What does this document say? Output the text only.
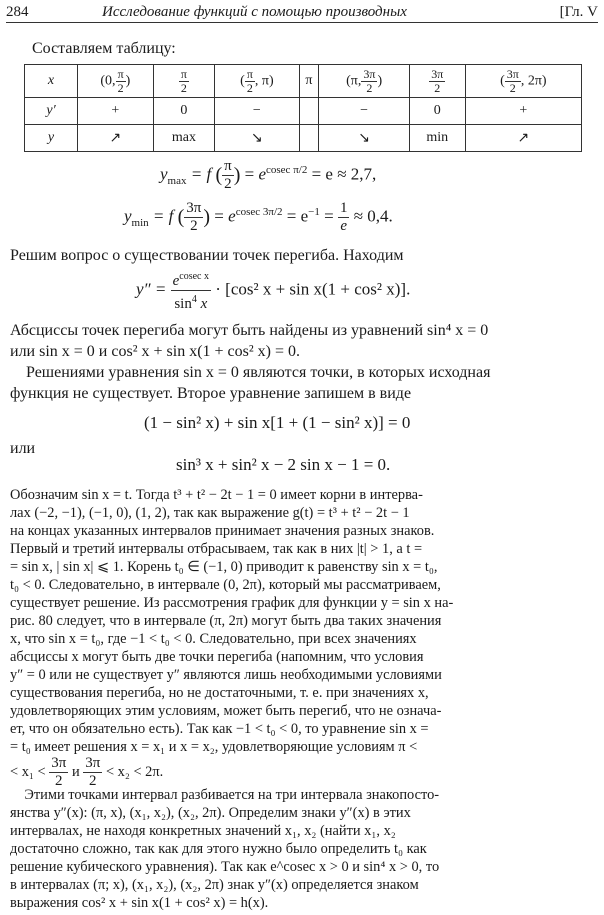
284	Исследование функций с помощью производных	[Гл. V
Составляем таблицу:
x	(0, $\frac{\pi}{2}$ )	$\frac{\pi}{2}$	( $\frac{\pi}{2}$ , π)	π	(π, $\frac{3\pi}{2}$ )	$\frac{3\pi}{2}$	( $\frac{3\pi}{2}$ , 2π)
y′	+	0	−		−	0	+
y	↗	max	↘		↘	min	↗
$y_{max} = f$ ( $\frac{\pi}{2}$ ) = $e^{cosec \pi/2} = e \approx 2,7$,
$y_{min} = f$ ( $\frac{3\pi}{2}$ ) = $e^{cosec 3\pi/2} = e^{-1} = \frac{1}{e} \approx 0,4$.
Решим вопрос о существовании точек перегиба. Находим
$y'' = \frac{e^{cosec x}}{\sin^4 x} \cdot [\cos^2$ x + sin x(1 + cos² x)].
Абсциссы точек перегиба могут быть найдены из уравнений sin⁴ x = 0
или sin x = 0 и cos² x + sin x(1 + cos² x) = 0.
Решениями уравнения sin x = 0 являются точки, в которых исходная
функция не существует. Второе уравнение запишем в виде
(1 − sin² x) + sin x[1 + (1 − sin² x)] = 0
или
sin³ x + sin² x − 2 sin x − 1 = 0.
Обозначим sin x = t. Тогда t³ + t² − 2t − 1 = 0 имеет корни в интерва-
лах (−2, −1), (−1, 0), (1, 2), так как выражение g(t) = t³ + t² − 2t − 1
на концах указанных интервалов принимает значения разных знаков.
Первый и третий интервалы отбрасываем, так как в них |t| > 1, а t =
= sin x, | sin x| ⩽ 1. Корень t₀ ∈ (−1, 0) приводит к равенству sin x = t₀,
t₀ < 0. Следовательно, в интервале (0, 2π), который мы рассматриваем,
существует решение. Из рассмотрения график для функции y = sin x на-
рис. 80 следует, что в интервале (π, 2π) могут быть два таких значения
x, что sin x = t₀, где −1 < t₀ < 0. Следовательно, при всех значениях
абсциссы x могут быть две точки перегиба (напомним, что условия
y″ = 0 или не существует y″ являются лишь необходимыми условиями
существования перегиба, но не достаточными, т. е. при значениях x,
удовлетворяющих этим условиям, может быть перегиб, что не означа-
ет, что он обязательно есть). Так как −1 < t₀ < 0, то уравнение sin x =
= t₀ имеет решения x = x₁ и x = x₂, удовлетворяющие условиям π <
< $x_1 < \frac{3\pi}{2}$ и $\frac{3\pi}{2} < x_2 < 2\pi$.
Этими точками интервал разбивается на три интервала знакопосто-
янства y″(x): (π, x), (x₁, x₂), (x₂, 2π). Определим знаки y″(x) в этих
интервалах, не находя конкретных значений x₁, x₂ (найти x₁, x₂
достаточно сложно, так как для этого нужно было определить t₀ как
решение кубического уравнения). Так как e^cosec x > 0 и sin⁴ x > 0, то
в интервалах (π; x), (x₁, x₂), (x₂, 2π) знак y″(x) определяется знаком
выражения cos² x + sin x(1 + cos² x) = h(x).
